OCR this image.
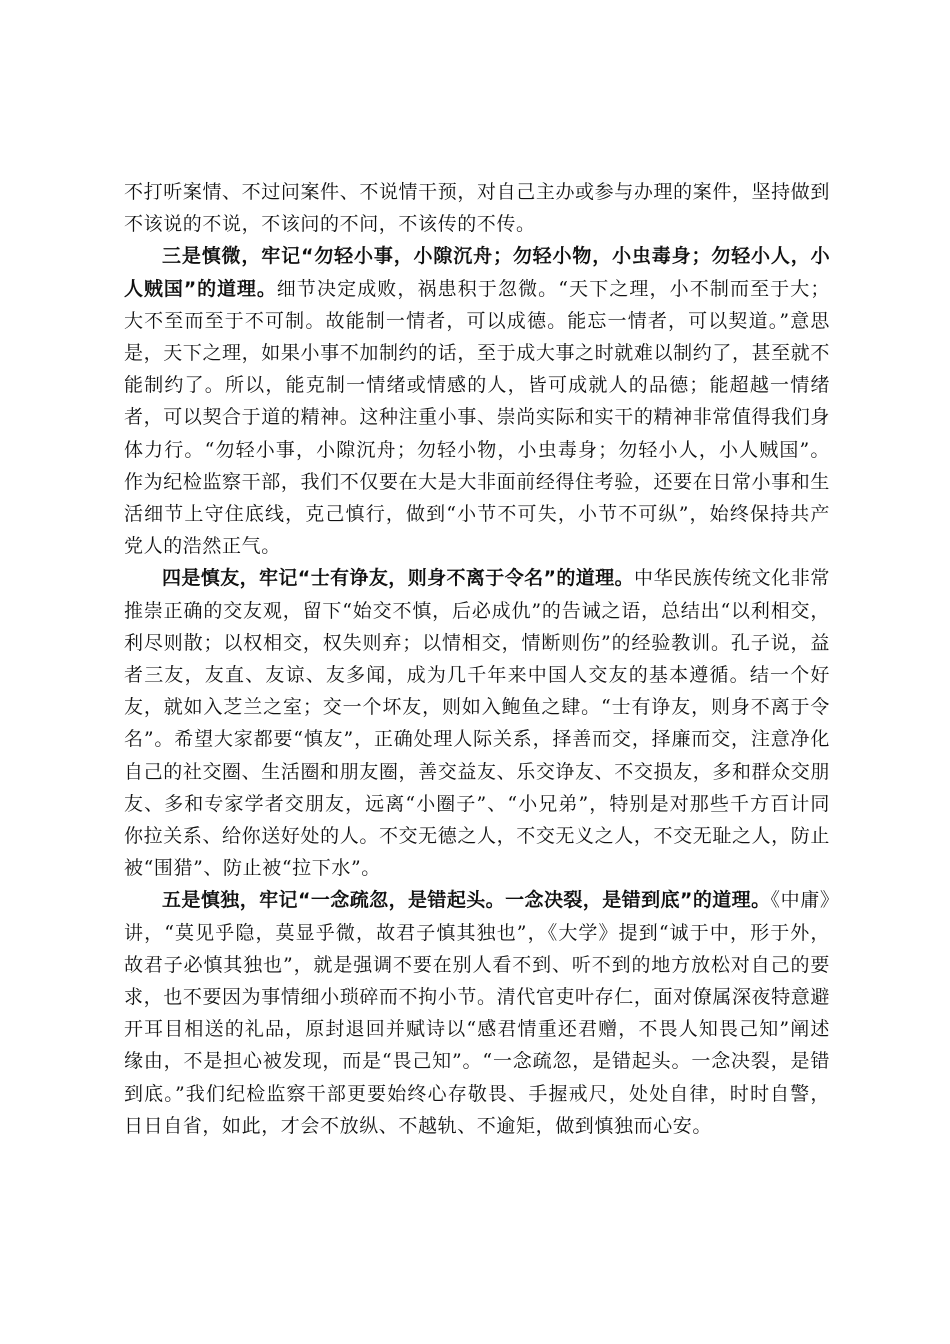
不打听案情、不过问案件、不说情干预，对自己主办或参与办理的案件，坚持做到不该说的不说，不该问的不问，不该传的不传。

三是慎微，牢记“勿轻小事，小隙沉舟；勿轻小物，小虫毒身；勿轻小人，小人贼国”的道理。细节决定成败，祸患积于忽微。“天下之理，小不制而至于大；大不至而至于不可制。故能制一情者，可以成德。能忘一情者，可以契道。”意思是，天下之理，如果小事不加制约的话，至于成大事之时就难以制约了，甚至就不能制约了。所以，能克制一情绪或情感的人，皆可成就人的品德；能超越一情绪者，可以契合于道的精神。这种注重小事、崇尚实际和实干的精神非常值得我们身体力行。“勿轻小事，小隙沉舟；勿轻小物，小虫毒身；勿轻小人，小人贼国”。作为纪检监察干部，我们不仅要在大是大非面前经得住考验，还要在日常小事和生活细节上守住底线，克己慎行，做到“小节不可失，小节不可纵”，始终保持共产党人的浩然正气。

四是慎友，牢记“士有诤友，则身不离于令名”的道理。中华民族传统文化非常推崇正确的交友观，留下“始交不慎，后必成仇”的告诫之语，总结出“以利相交，利尽则散；以权相交，权失则弃；以情相交，情断则伤”的经验教训。孔子说，益者三友，友直、友谅、友多闻，成为几千年来中国人交友的基本遵循。结一个好友，就如入芝兰之室；交一个坏友，则如入鲍鱼之肆。“士有诤友，则身不离于令名”。希望大家都要“慎友”，正确处理人际关系，择善而交，择廉而交，注意净化自己的社交圈、生活圈和朋友圈，善交益友、乐交诤友、不交损友，多和群众交朋友、多和专家学者交朋友，远离“小圈子”、“小兄弟”，特别是对那些千方百计同你拉关系、给你送好处的人。不交无德之人，不交无义之人，不交无耻之人，防止被“围猎”、防止被“拉下水”。

五是慎独，牢记“一念疏忽，是错起头。一念决裂，是错到底”的道理。《中庸》讲，“莫见乎隐，莫显乎微，故君子慎其独也”，《大学》提到“诚于中，形于外，故君子必慎其独也”，就是强调不要在别人看不到、听不到的地方放松对自己的要求，也不要因为事情细小琐碎而不拘小节。清代官吏叶存仁，面对僚属深夜特意避开耳目相送的礼品，原封退回并赋诗以“感君情重还君赠，不畏人知畏己知”阐述缘由，不是担心被发现，而是“畏己知”。“一念疏忽，是错起头。一念决裂，是错到底。”我们纪检监察干部更要始终心存敬畏、手握戒尺，处处自律，时时自警，日日自省，如此，才会不放纵、不越轨、不逾矩，做到慎独而心安。
